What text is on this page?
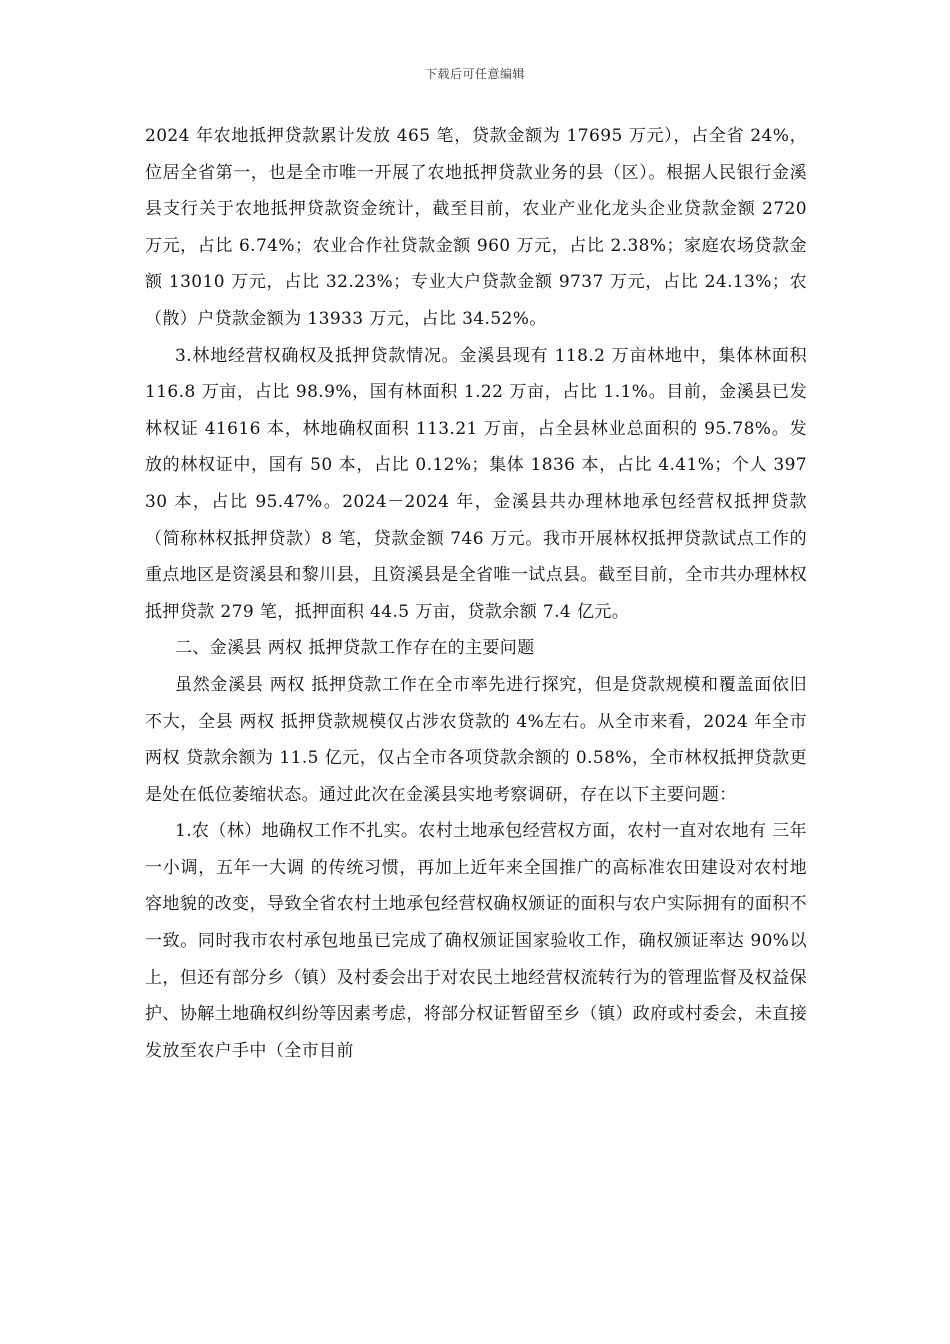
下载后可任意编辑

2024 年农地抵押贷款累计发放 465 笔，贷款金额为 17695 万元），占全省 24%，位居全省第一，也是全市唯一开展了农地抵押贷款业务的县（区）。根据人民银行金溪县支行关于农地抵押贷款资金统计，截至目前，农业产业化龙头企业贷款金额 2720 万元，占比 6.74%；农业合作社贷款金额 960 万元，占比 2.38%；家庭农场贷款金额 13010 万元，占比 32.23%；专业大户贷款金额 9737 万元，占比 24.13%；农（散）户贷款金额为 13933 万元，占比 34.52%。

3.林地经营权确权及抵押贷款情况。金溪县现有 118.2 万亩林地中，集体林面积 116.8 万亩，占比 98.9%，国有林面积 1.22 万亩，占比 1.1%。目前，金溪县已发林权证 41616 本，林地确权面积 113.21 万亩，占全县林业总面积的 95.78%。发放的林权证中，国有 50 本，占比 0.12%；集体 1836 本，占比 4.41%；个人 39730 本，占比 95.47%。2024－2024 年，金溪县共办理林地承包经营权抵押贷款（简称林权抵押贷款）8 笔，贷款金额 746 万元。我市开展林权抵押贷款试点工作的重点地区是资溪县和黎川县，且资溪县是全省唯一试点县。截至目前，全市共办理林权抵押贷款 279 笔，抵押面积 44.5 万亩，贷款余额 7.4 亿元。

二、金溪县 两权 抵押贷款工作存在的主要问题

虽然金溪县 两权 抵押贷款工作在全市率先进行探究，但是贷款规模和覆盖面依旧不大，全县 两权 抵押贷款规模仅占涉农贷款的 4%左右。从全市来看，2024 年全市 两权 贷款余额为 11.5 亿元，仅占全市各项贷款余额的 0.58%，全市林权抵押贷款更是处在低位萎缩状态。通过此次在金溪县实地考察调研，存在以下主要问题：

1.农（林）地确权工作不扎实。农村土地承包经营权方面，农村一直对农地有 三年一小调，五年一大调 的传统习惯，再加上近年来全国推广的高标准农田建设对农村地容地貌的改变，导致全省农村土地承包经营权确权颁证的面积与农户实际拥有的面积不一致。同时我市农村承包地虽已完成了确权颁证国家验收工作，确权颁证率达 90%以上，但还有部分乡（镇）及村委会出于对农民土地经营权流转行为的管理监督及权益保护、协解土地确权纠纷等因素考虑，将部分权证暂留至乡（镇）政府或村委会，未直接发放至农户手中（全市目前
